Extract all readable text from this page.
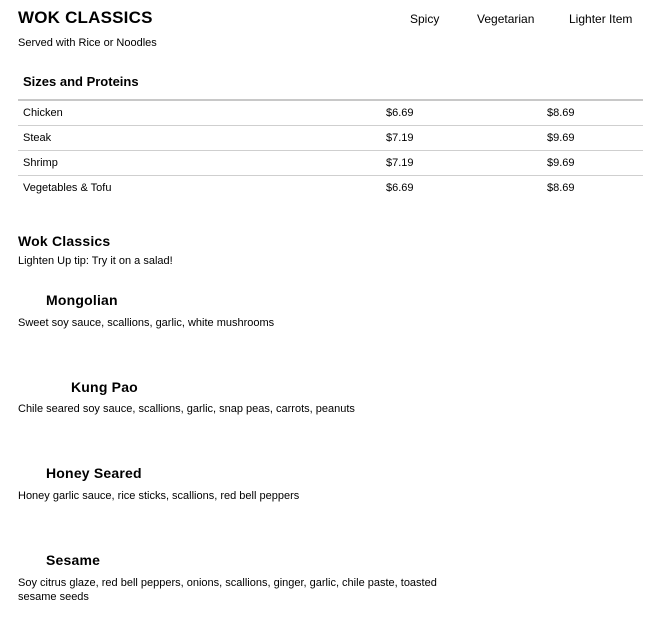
WOK CLASSICS	Spicy	Vegetarian	Lighter Item
Served with Rice or Noodles
Sizes and Proteins
Chicken	$6.69	$8.69
Steak	$7.19	$9.69
Shrimp	$7.19	$9.69
Vegetables & Tofu	$6.69	$8.69
Wok Classics
Lighten Up tip: Try it on a salad!
Mongolian
Sweet soy sauce, scallions, garlic, white mushrooms
Kung Pao
Chile seared soy sauce, scallions, garlic, snap peas, carrots, peanuts
Honey Seared
Honey garlic sauce, rice sticks, scallions, red bell peppers
Sesame
Soy citrus glaze, red bell peppers, onions, scallions, ginger, garlic, chile paste, toasted sesame seeds
